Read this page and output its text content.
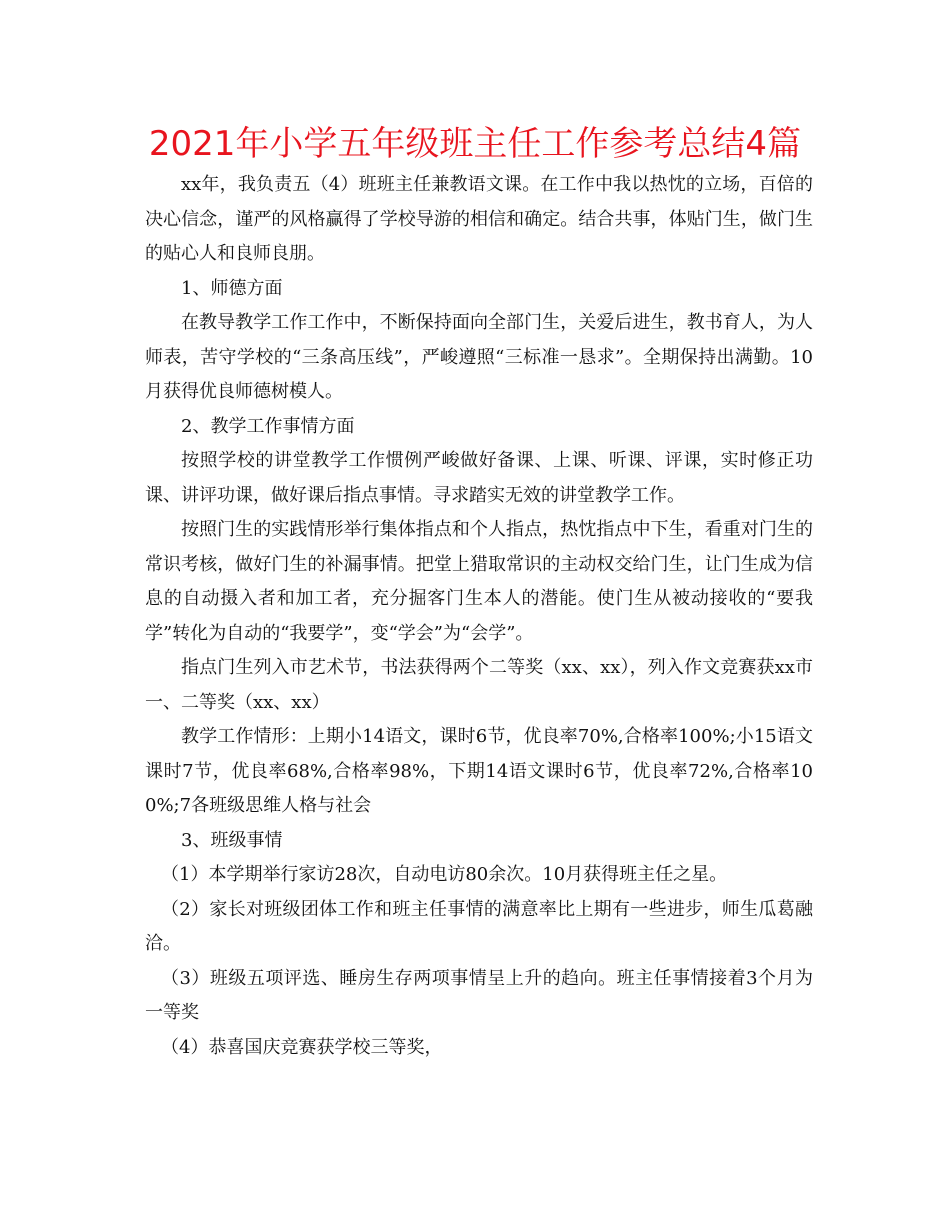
2021年小学五年级班主任工作参考总结4篇

xx年，我负责五（4）班班主任兼教语文课。在工作中我以热忱的立场，百倍的决心信念，谨严的风格赢得了学校导游的相信和确定。结合共事，体贴门生，做门生的贴心人和良师良朋。

1、师德方面

在教导教学工作工作中，不断保持面向全部门生，关爱后进生，教书育人，为人师表，苦守学校的“三条高压线”，严峻遵照“三标准一恳求”。全期保持出满勤。10月获得优良师德树模人。

2、教学工作事情方面

按照学校的讲堂教学工作惯例严峻做好备课、上课、听课、评课，实时修正功课、讲评功课，做好课后指点事情。寻求踏实无效的讲堂教学工作。

按照门生的实践情形举行集体指点和个人指点，热忱指点中下生，看重对门生的常识考核，做好门生的补漏事情。把堂上猎取常识的主动权交给门生，让门生成为信息的自动摄入者和加工者，充分掘客门生本人的潜能。使门生从被动接收的“要我学”转化为自动的“我要学”，变“学会”为“会学”。

指点门生列入市艺术节，书法获得两个二等奖（xx、xx），列入作文竞赛获xx市一、二等奖（xx、xx）

教学工作情形：上期小14语文，课时6节，优良率70%,合格率100%;小15语文课时7节，优良率68%,合格率98%，下期14语文课时6节，优良率72%,合格率100%;7各班级思维人格与社会

3、班级事情

（1）本学期举行家访28次，自动电访80余次。10月获得班主任之星。

（2）家长对班级团体工作和班主任事情的满意率比上期有一些进步，师生瓜葛融洽。

（3）班级五项评选、睡房生存两项事情呈上升的趋向。班主任事情接着3个月为一等奖

（4）恭喜国庆竞赛获学校三等奖，
